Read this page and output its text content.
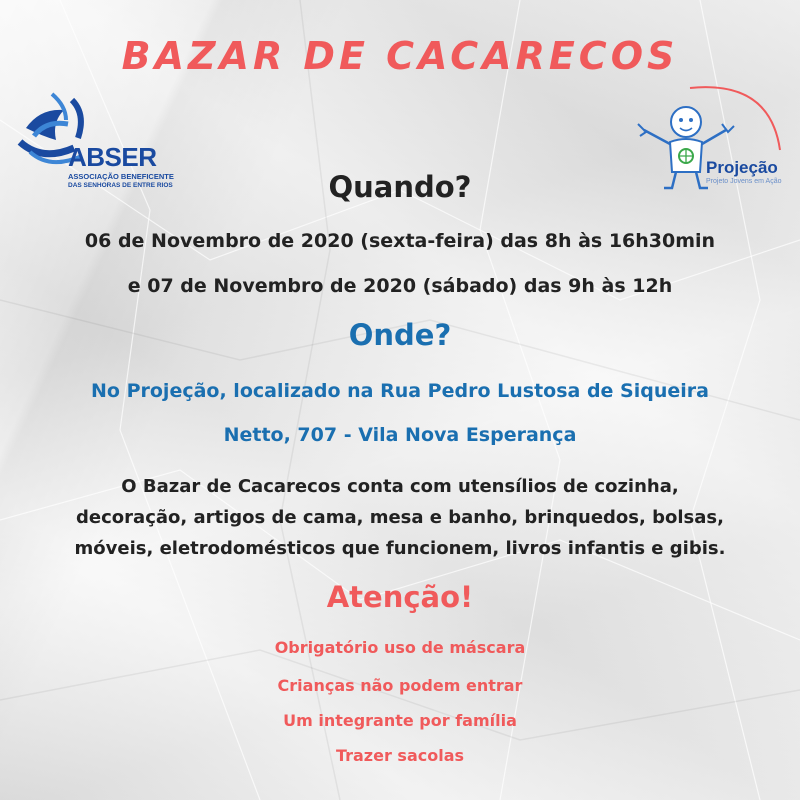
BAZAR DE CACARECOS
ABSER
ASSOCIAÇÃO BENEFICENTE
DAS SENHORAS DE ENTRE RIOS
Projeção
Projeto Jovens em Ação
Quando?
06 de Novembro de 2020 (sexta-feira) das 8h às 16h30min
e 07 de Novembro de 2020 (sábado) das 9h às 12h
Onde?
No Projeção, localizado na Rua Pedro Lustosa de Siqueira
Netto, 707 - Vila Nova Esperança
O Bazar de Cacarecos conta com utensílios de cozinha,
decoração, artigos de cama, mesa e banho, brinquedos, bolsas,
móveis, eletrodomésticos que funcionem, livros infantis e gibis.
Atenção!
Obrigatório uso de máscara
Crianças não podem entrar
Um integrante por família
Trazer sacolas
